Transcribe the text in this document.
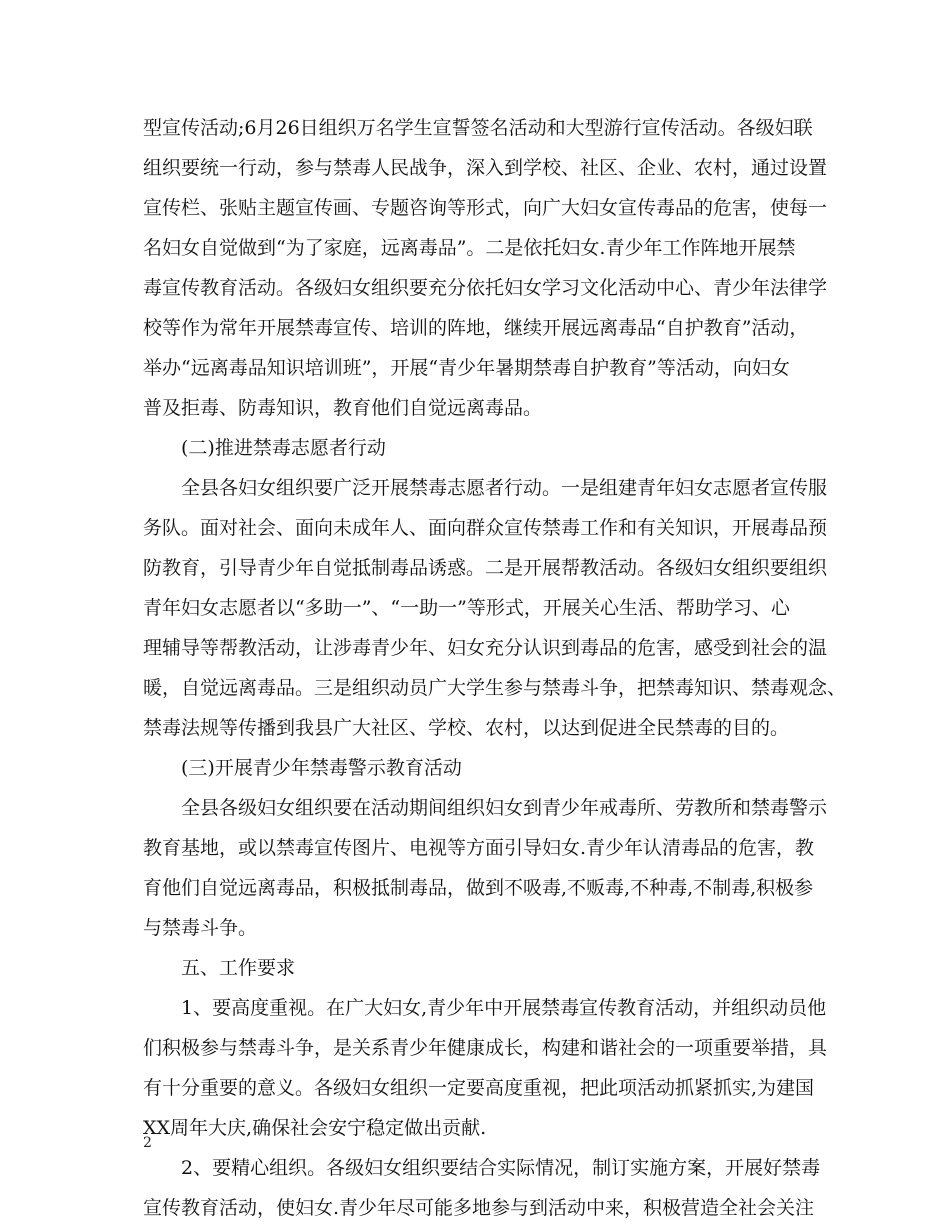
型宣传活动;6月26日组织万名学生宣誓签名活动和大型游行宣传活动。各级妇联
组织要统一行动，参与禁毒人民战争，深入到学校、社区、企业、农村，通过设置
宣传栏、张贴主题宣传画、专题咨询等形式，向广大妇女宣传毒品的危害，使每一
名妇女自觉做到“为了家庭，远离毒品”。二是依托妇女.青少年工作阵地开展禁
毒宣传教育活动。各级妇女组织要充分依托妇女学习文化活动中心、青少年法律学
校等作为常年开展禁毒宣传、培训的阵地，继续开展远离毒品“自护教育”活动，
举办“远离毒品知识培训班”，开展“青少年暑期禁毒自护教育”等活动，向妇女
普及拒毒、防毒知识，教育他们自觉远离毒品。
　　(二)推进禁毒志愿者行动
　　全县各妇女组织要广泛开展禁毒志愿者行动。一是组建青年妇女志愿者宣传服
务队。面对社会、面向未成年人、面向群众宣传禁毒工作和有关知识，开展毒品预
防教育，引导青少年自觉抵制毒品诱惑。二是开展帮教活动。各级妇女组织要组织
青年妇女志愿者以“多助一”、“一助一”等形式，开展关心生活、帮助学习、心
理辅导等帮教活动，让涉毒青少年、妇女充分认识到毒品的危害，感受到社会的温
暖，自觉远离毒品。三是组织动员广大学生参与禁毒斗争，把禁毒知识、禁毒观念、
禁毒法规等传播到我县广大社区、学校、农村，以达到促进全民禁毒的目的。
　　(三)开展青少年禁毒警示教育活动
　　全县各级妇女组织要在活动期间组织妇女到青少年戒毒所、劳教所和禁毒警示
教育基地，或以禁毒宣传图片、电视等方面引导妇女.青少年认清毒品的危害，教
育他们自觉远离毒品，积极抵制毒品，做到不吸毒,不贩毒,不种毒,不制毒,积极参
与禁毒斗争。
　　五、工作要求
　　1、要高度重视。在广大妇女,青少年中开展禁毒宣传教育活动，并组织动员他
们积极参与禁毒斗争，是关系青少年健康成长，构建和谐社会的一项重要举措，具
有十分重要的意义。各级妇女组织一定要高度重视，把此项活动抓紧抓实,为建国
XX周年大庆,确保社会安宁稳定做出贡献.
　　2、要精心组织。各级妇女组织要结合实际情况，制订实施方案，开展好禁毒
宣传教育活动，使妇女.青少年尽可能多地参与到活动中来，积极营造全社会关注
2
